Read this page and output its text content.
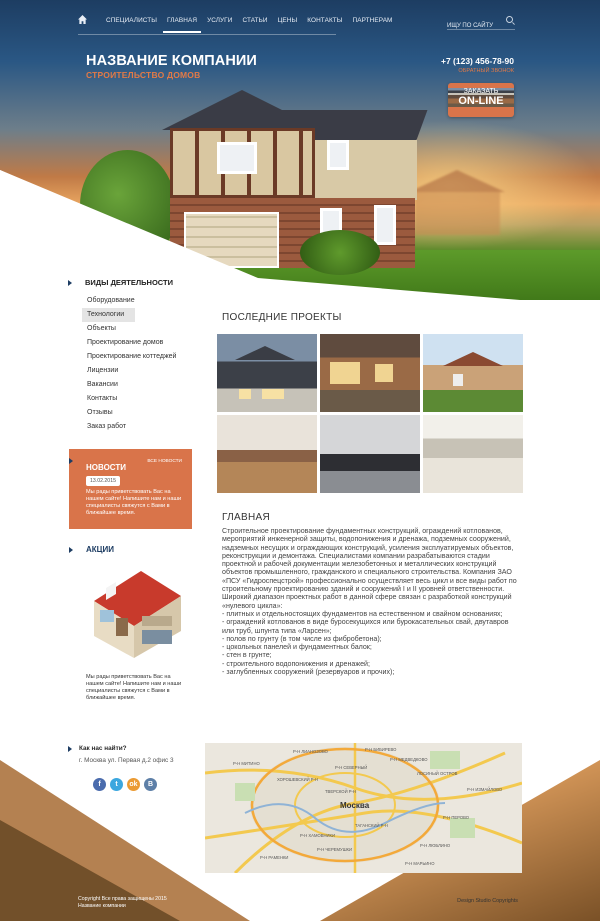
СПЕЦИАЛИСТЫ ГЛАВНАЯ УСЛУГИ СТАТЬИ ЦЕНЫ КОНТАКТЫ ПАРТНЕРАМ
ИЩУ ПО САЙТУ
НАЗВАНИЕ КОМПАНИИ
СТРОИТЕЛЬСТВО ДОМОВ
+7 (123) 456-78-90
ОБРАТНЫЙ ЗВОНОК
ЗАКАЗАТЬ
ON-LINE
ВИДЫ ДЕЯТЕЛЬНОСТИ
Оборудование
Технологии
Объекты
Проектирование домов
Проектирование коттеджей
Лицензии
Вакансии
Контакты
Отзывы
Заказ работ
НОВОСТИ
ВСЕ НОВОСТИ
13.02.2015
Мы рады приветствовать Вас на нашем сайте! Напишите нам и наши специалисты свяжутся с Вами в ближайшее время.
АКЦИИ
Мы рады приветствовать Вас на нашем сайте! Напишите нам и наши специалисты свяжутся с Вами в ближайшее время.
ПОСЛЕДНИЕ ПРОЕКТЫ	СМОТРЕТЬ ВСЕ ПРОЕКТЫ
ГЛАВНАЯ
Строительное проектирование фундаментных конструкций, ограждений котлованов, мероприятий инженерной защиты, водопонижения и дренажа, подземных сооружений, надземных несущих и ограждающих конструкций, усиления эксплуатируемых объектов, реконструкции и демонтажа. Специалистами компании разрабатываются стадии проектной и рабочей документации железобетонных и металлических конструкций объектов промышленного, гражданского и специального строительства. Компания ЗАО «ПСУ «Гидроспецстрой» профессионально осуществляет весь цикл и все виды работ по строительному проектированию зданий и сооружений I и II уровней ответственности.
Широкий диапазон проектных работ в данной сфере связан с разработкой конструкций «нулевого цикла»:
- плитных и отдельностоящих фундаментов на естественном и свайном основаниях;
- ограждений котлованов в виде буросекущихся или бурокасательных свай, двутавров или труб, шпунта типа «Ларсен»;
- полов по грунту (в том числе из фибробетона);
- цокольных панелей и фундаментных балок;
- стен в грунте;
- строительного водопонижения и дренажей;
- заглубленных сооружений (резервуаров и прочих);
Как нас найти?
г. Москва ул. Первая д.2 офис 3
f	t	ok	B
Р-Н ЛИАНОЗОВО
Р-Н МЕДВЕДКОВО
Р-Н СЕВЕРНЫЙ
ХОРОШЕВСКИЙ Р-Н
ТВЕРСКОЙ Р-Н	Р-Н ИЗМАЙЛОВО
Р-Н ПЕРОВО
ТАГАНСКИЙ Р-Н
Р-Н ХАМОВНИКИ
Р-Н ЛЮБЛИНО
Р-Н РАМЕНКИ
Р-Н МАРЬИНО
ЛОСИНЫЙ ОСТРОВ
Р-Н ЧЕРЕМУШКИ
Р-Н МИТИНО
Р-Н БИБИРЕВО
Москва
Copyright Все права защищены 2015
Название компании
Design Studio Copyrights
